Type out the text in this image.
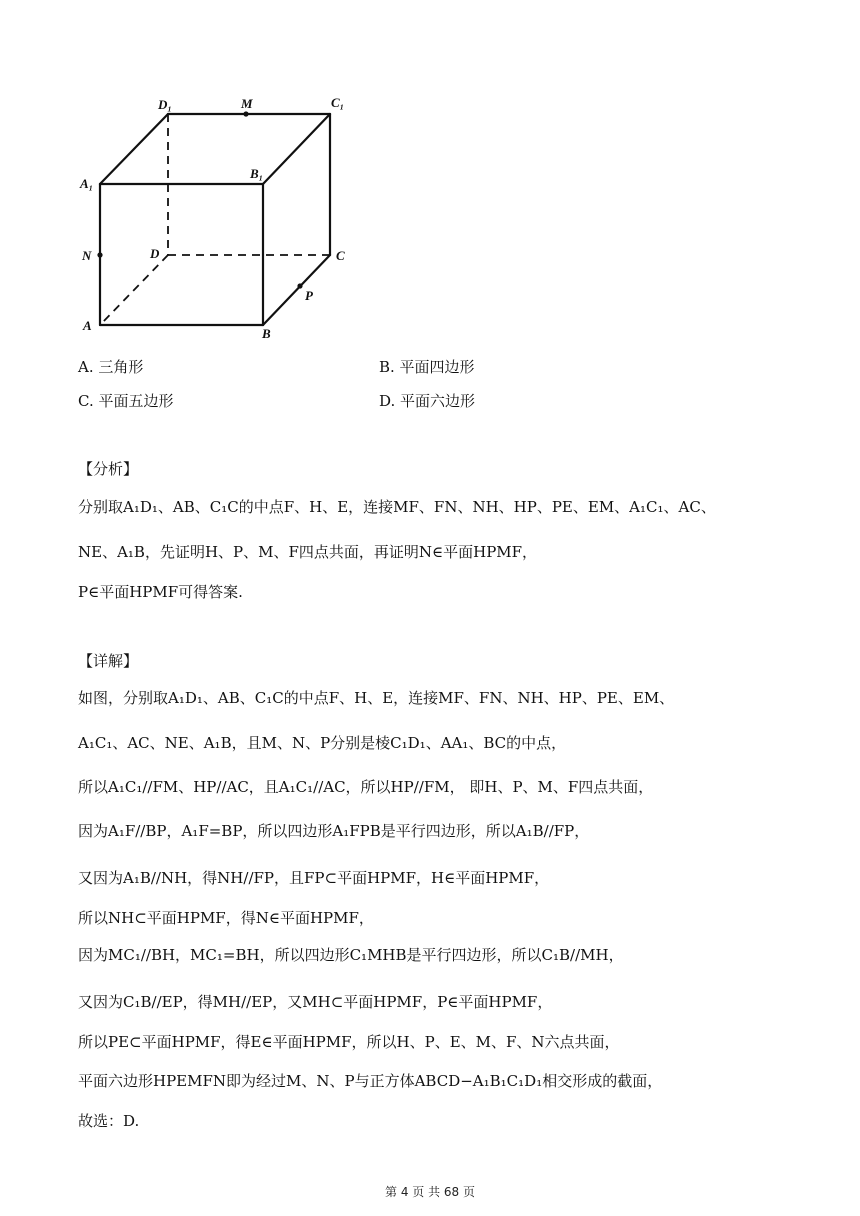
D₁	M	C₁
A₁
B₁
N	D	C
P
A
B
A. 三角形	B. 平面四边形
C. 平面五边形	D. 平面六边形
【分析】
分别取A₁D₁、AB、C₁C的中点F、H、E，连接MF、FN、NH、HP、PE、EM、A₁C₁、AC、
NE、A₁B，先证明H、P、M、F四点共面，再证明N∈平面HPMF，
P∈平面HPMF可得答案.
【详解】
如图，分别取A₁D₁、AB、C₁C的中点F、H、E，连接MF、FN、NH、HP、PE、EM、
A₁C₁、AC、NE、A₁B，且M、N、P分别是棱C₁D₁、AA₁、BC的中点，
所以A₁C₁//FM、HP//AC，且A₁C₁//AC，所以HP//FM， 即H、P、M、F四点共面，
因为A₁F//BP，A₁F=BP，所以四边形A₁FPB是平行四边形，所以A₁B//FP，
又因为A₁B//NH，得NH//FP，且FP⊂平面HPMF，H∈平面HPMF，
所以NH⊂平面HPMF，得N∈平面HPMF，
因为MC₁//BH，MC₁=BH，所以四边形C₁MHB是平行四边形，所以C₁B//MH，
又因为C₁B//EP，得MH//EP，又MH⊂平面HPMF，P∈平面HPMF，
所以PE⊂平面HPMF，得E∈平面HPMF，所以H、P、E、M、F、N六点共面，
平面六边形HPEMFN即为经过M、N、P与正方体ABCD−A₁B₁C₁D₁相交形成的截面，
故选：D.
第 4 页 共 68 页
